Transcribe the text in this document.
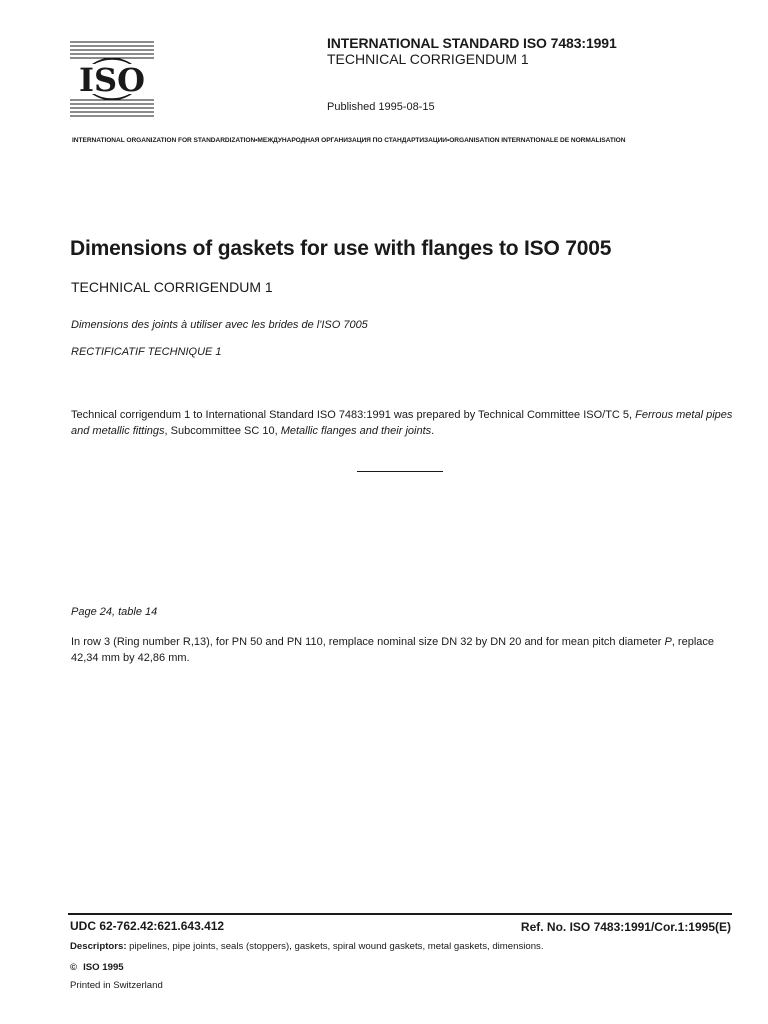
ISO
INTERNATIONAL STANDARD ISO 7483:1991
TECHNICAL CORRIGENDUM 1
Published 1995-08-15
INTERNATIONAL ORGANIZATION FOR STANDARDIZATION•МЕЖДУНАРОДНАЯ ОРГАНИЗАЦИЯ ПО СТАНДАРТИЗАЦИИ•ORGANISATION INTERNATIONALE DE NORMALISATION
Dimensions of gaskets for use with flanges to ISO 7005
TECHNICAL CORRIGENDUM 1
Dimensions des joints à utiliser avec les brides de l'ISO 7005
RECTIFICATIF TECHNIQUE 1
Technical corrigendum 1 to International Standard ISO 7483:1991 was prepared by Technical Committee ISO/TC 5, Ferrous metal pipes and metallic fittings, Subcommittee SC 10, Metallic flanges and their joints.
Page 24, table 14
In row 3 (Ring number R,13), for PN 50 and PN 110, remplace nominal size DN 32 by DN 20 and for mean pitch diameter P, replace 42,34 mm by 42,86 mm.
UDC 62-762.42:621.643.412	Ref. No. ISO 7483:1991/Cor.1:1995(E)
Descriptors: pipelines, pipe joints, seals (stoppers), gaskets, spiral wound gaskets, metal gaskets, dimensions.
© ISO 1995
Printed in Switzerland
